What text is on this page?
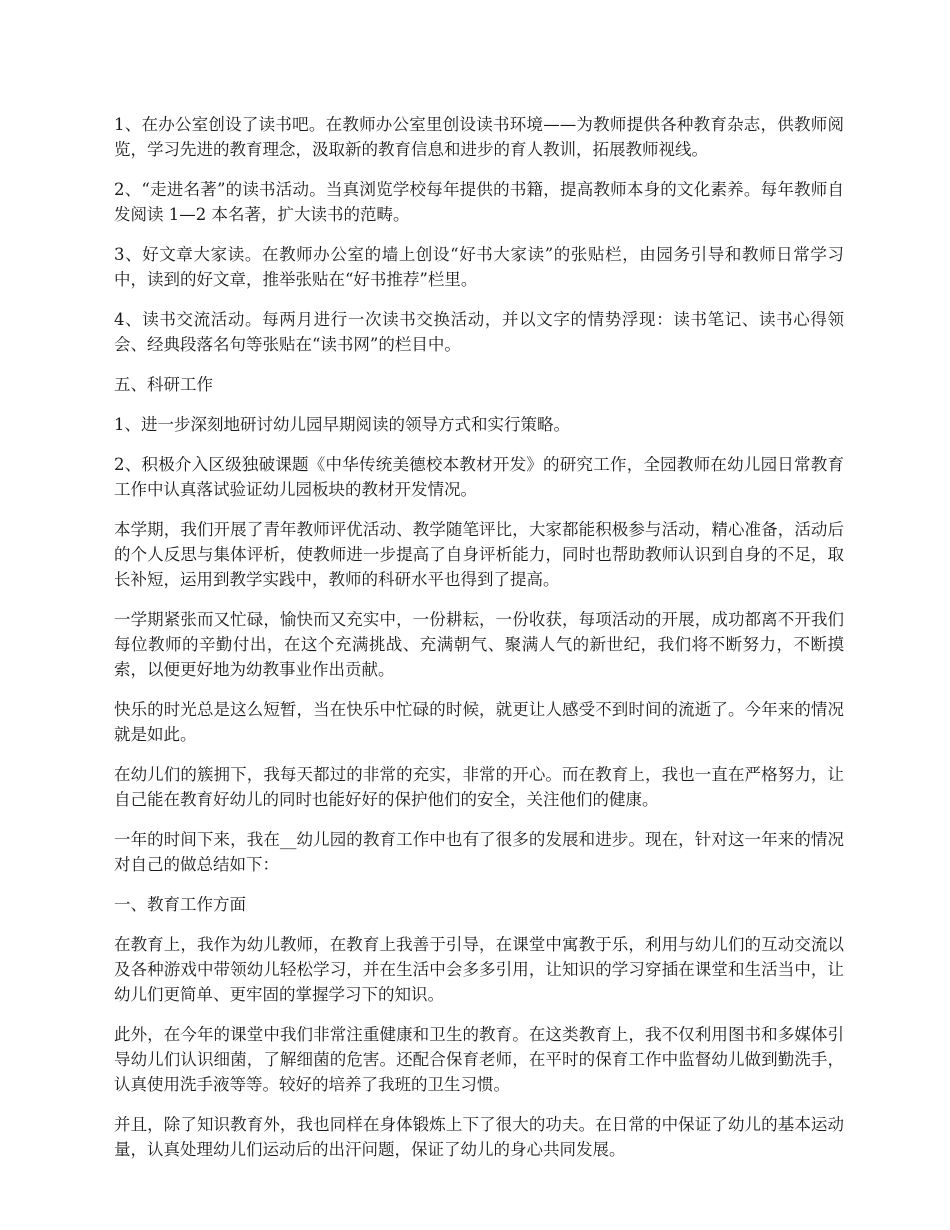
1、在办公室创设了读书吧。在教师办公室里创设读书环境——为教师提供各种教育杂志，供教师阅览，学习先进的教育理念，汲取新的教育信息和进步的育人教训，拓展教师视线。

2、“走进名著”的读书活动。当真浏览学校每年提供的书籍，提高教师本身的文化素养。每年教师自发阅读 1—2 本名著，扩大读书的范畴。

3、好文章大家读。在教师办公室的墙上创设“好书大家读”的张贴栏，由园务引导和教师日常学习中，读到的好文章，推举张贴在“好书推荐”栏里。

4、读书交流活动。每两月进行一次读书交换活动，并以文字的情势浮现：读书笔记、读书心得领会、经典段落名句等张贴在“读书网”的栏目中。

五、科研工作

1、进一步深刻地研讨幼儿园早期阅读的领导方式和实行策略。

2、积极介入区级独破课题《中华传统美德校本教材开发》的研究工作，全园教师在幼儿园日常教育工作中认真落试验证幼儿园板块的教材开发情况。

本学期，我们开展了青年教师评优活动、教学随笔评比，大家都能积极参与活动，精心准备，活动后的个人反思与集体评析，使教师进一步提高了自身评析能力，同时也帮助教师认识到自身的不足，取长补短，运用到教学实践中，教师的科研水平也得到了提高。

一学期紧张而又忙碌，愉快而又充实中，一份耕耘，一份收获，每项活动的开展，成功都离不开我们每位教师的辛勤付出，在这个充满挑战、充满朝气、聚满人气的新世纪，我们将不断努力，不断摸索，以便更好地为幼教事业作出贡献。

快乐的时光总是这么短暂，当在快乐中忙碌的时候，就更让人感受不到时间的流逝了。今年来的情况就是如此。

在幼儿们的簇拥下，我每天都过的非常的充实，非常的开心。而在教育上，我也一直在严格努力，让自己能在教育好幼儿的同时也能好好的保护他们的安全，关注他们的健康。

一年的时间下来，我在__幼儿园的教育工作中也有了很多的发展和进步。现在，针对这一年来的情况对自己的做总结如下：

一、教育工作方面

在教育上，我作为幼儿教师，在教育上我善于引导，在课堂中寓教于乐，利用与幼儿们的互动交流以及各种游戏中带领幼儿轻松学习，并在生活中会多多引用，让知识的学习穿插在课堂和生活当中，让幼儿们更简单、更牢固的掌握学习下的知识。

此外，在今年的课堂中我们非常注重健康和卫生的教育。在这类教育上，我不仅利用图书和多媒体引导幼儿们认识细菌，了解细菌的危害。还配合保育老师，在平时的保育工作中监督幼儿做到勤洗手，认真使用洗手液等等。较好的培养了我班的卫生习惯。

并且，除了知识教育外，我也同样在身体锻炼上下了很大的功夫。在日常的中保证了幼儿的基本运动量，认真处理幼儿们运动后的出汗问题，保证了幼儿的身心共同发展。
